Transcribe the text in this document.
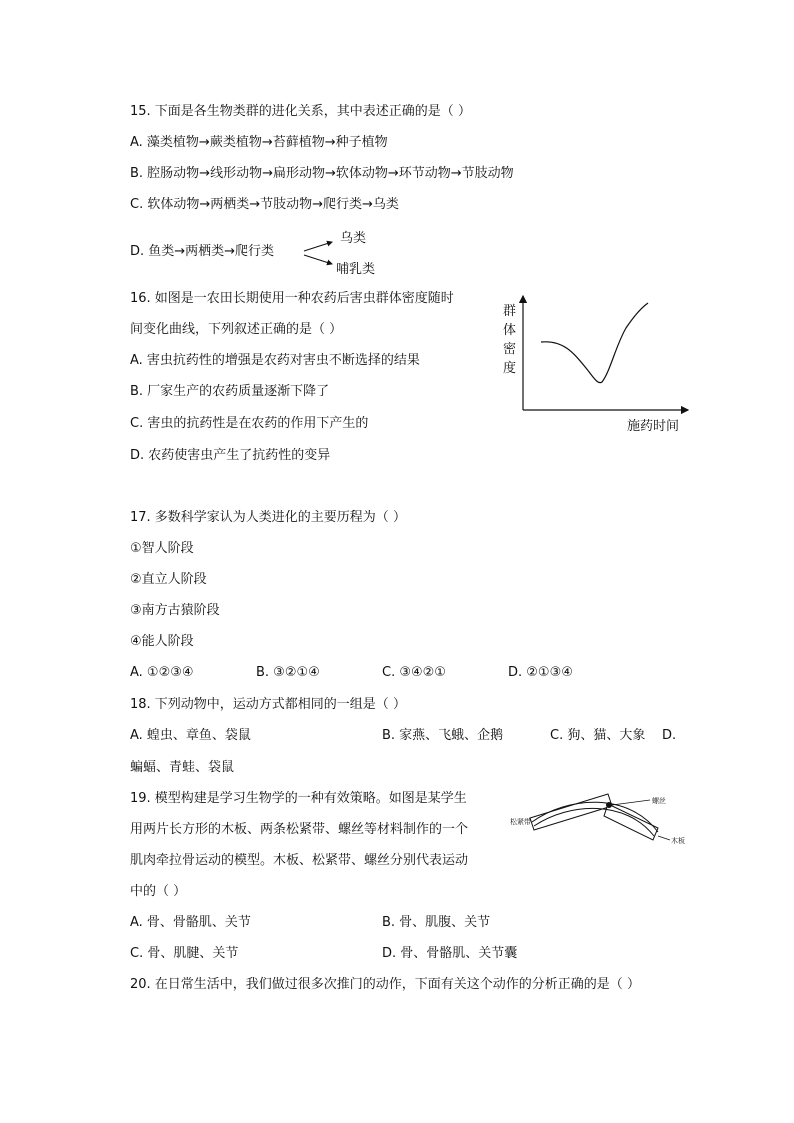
15. 下面是各生物类群的进化关系，其中表述正确的是（ ）
A. 藻类植物→蕨类植物→苔藓植物→种子植物
B. 腔肠动物→线形动物→扁形动物→软体动物→环节动物→节肢动物
C. 软体动物→两栖类→节肢动物→爬行类→乌类
D. 鱼类→两栖类→爬行类
乌类
哺乳类
16. 如图是一农田长期使用一种农药后害虫群体密度随时
间变化曲线，下列叙述正确的是（ ）
A. 害虫抗药性的增强是农药对害虫不断选择的结果
B. 厂家生产的农药质量逐渐下降了
C. 害虫的抗药性是在农药的作用下产生的
D. 农药使害虫产生了抗药性的变异
群
体
密
度
施药时间
17. 多数科学家认为人类进化的主要历程为（ ）
①智人阶段
②直立人阶段
③南方古猿阶段
④能人阶段
A. ①②③④	B. ③②①④	C. ③④②①	D. ②①③④
18. 下列动物中，运动方式都相同的一组是（ ）
A. 蝗虫、章鱼、袋鼠	B. 家燕、飞蛾、企鹅	C. 狗、猫、大象 D.
蝙蝠、青蛙、袋鼠
19. 模型构建是学习生物学的一种有效策略。如图是某学生
用两片长方形的木板、两条松紧带、螺丝等材料制作的一个
肌肉牵拉骨运动的模型。木板、松紧带、螺丝分别代表运动
中的（ ）
A. 骨、骨骼肌、关节	B. 骨、肌腹、关节
C. 骨、肌腱、关节	D. 骨、骨骼肌、关节囊
螺丝
松紧带
木板
20. 在日常生活中，我们做过很多次推门的动作，下面有关这个动作的分析正确的是（ ）
